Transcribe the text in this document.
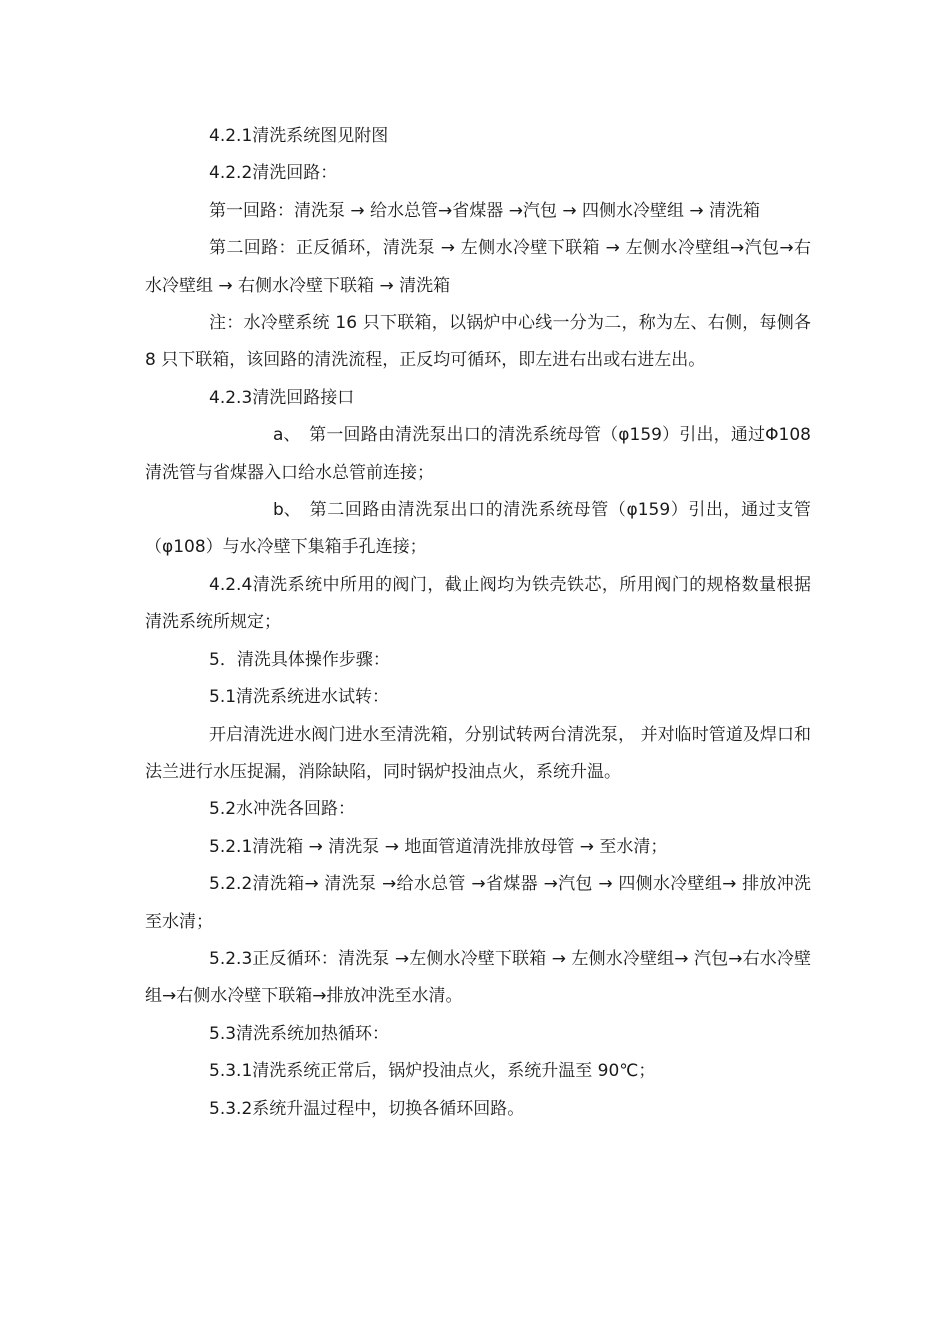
4.2.1清洗系统图见附图

4.2.2清洗回路：

第一回路：清洗泵 → 给水总管→省煤器 →汽包 → 四侧水冷壁组 → 清洗箱

第二回路：正反循环，清洗泵 → 左侧水冷壁下联箱 → 左侧水冷壁组→汽包→右水冷壁组 → 右侧水冷壁下联箱 → 清洗箱

注：水冷壁系统 16 只下联箱，以锅炉中心线一分为二，称为左、右侧，每侧各 8 只下联箱，该回路的清洗流程，正反均可循环，即左进右出或右进左出。

4.2.3清洗回路接口

a、 第一回路由清洗泵出口的清洗系统母管（φ159）引出，通过Φ108清洗管与省煤器入口给水总管前连接；

b、 第二回路由清洗泵出口的清洗系统母管（φ159）引出，通过支管（φ108）与水冷壁下集箱手孔连接；

4.2.4清洗系统中所用的阀门，截止阀均为铁壳铁芯，所用阀门的规格数量根据清洗系统所规定；

5．清洗具体操作步骤：

5.1清洗系统进水试转：

开启清洗进水阀门进水至清洗箱，分别试转两台清洗泵， 并对临时管道及焊口和法兰进行水压捉漏，消除缺陷，同时锅炉投油点火，系统升温。

5.2水冲洗各回路：

5.2.1清洗箱 → 清洗泵 → 地面管道清洗排放母管 → 至水清；

5.2.2清洗箱→ 清洗泵 →给水总管 →省煤器 →汽包 → 四侧水冷壁组→ 排放冲洗至水清；

5.2.3正反循环：清洗泵 →左侧水冷壁下联箱 → 左侧水冷壁组→ 汽包→右水冷壁组→右侧水冷壁下联箱→排放冲洗至水清。

5.3清洗系统加热循环：

5.3.1清洗系统正常后，锅炉投油点火，系统升温至 90℃；

5.3.2系统升温过程中，切换各循环回路。
